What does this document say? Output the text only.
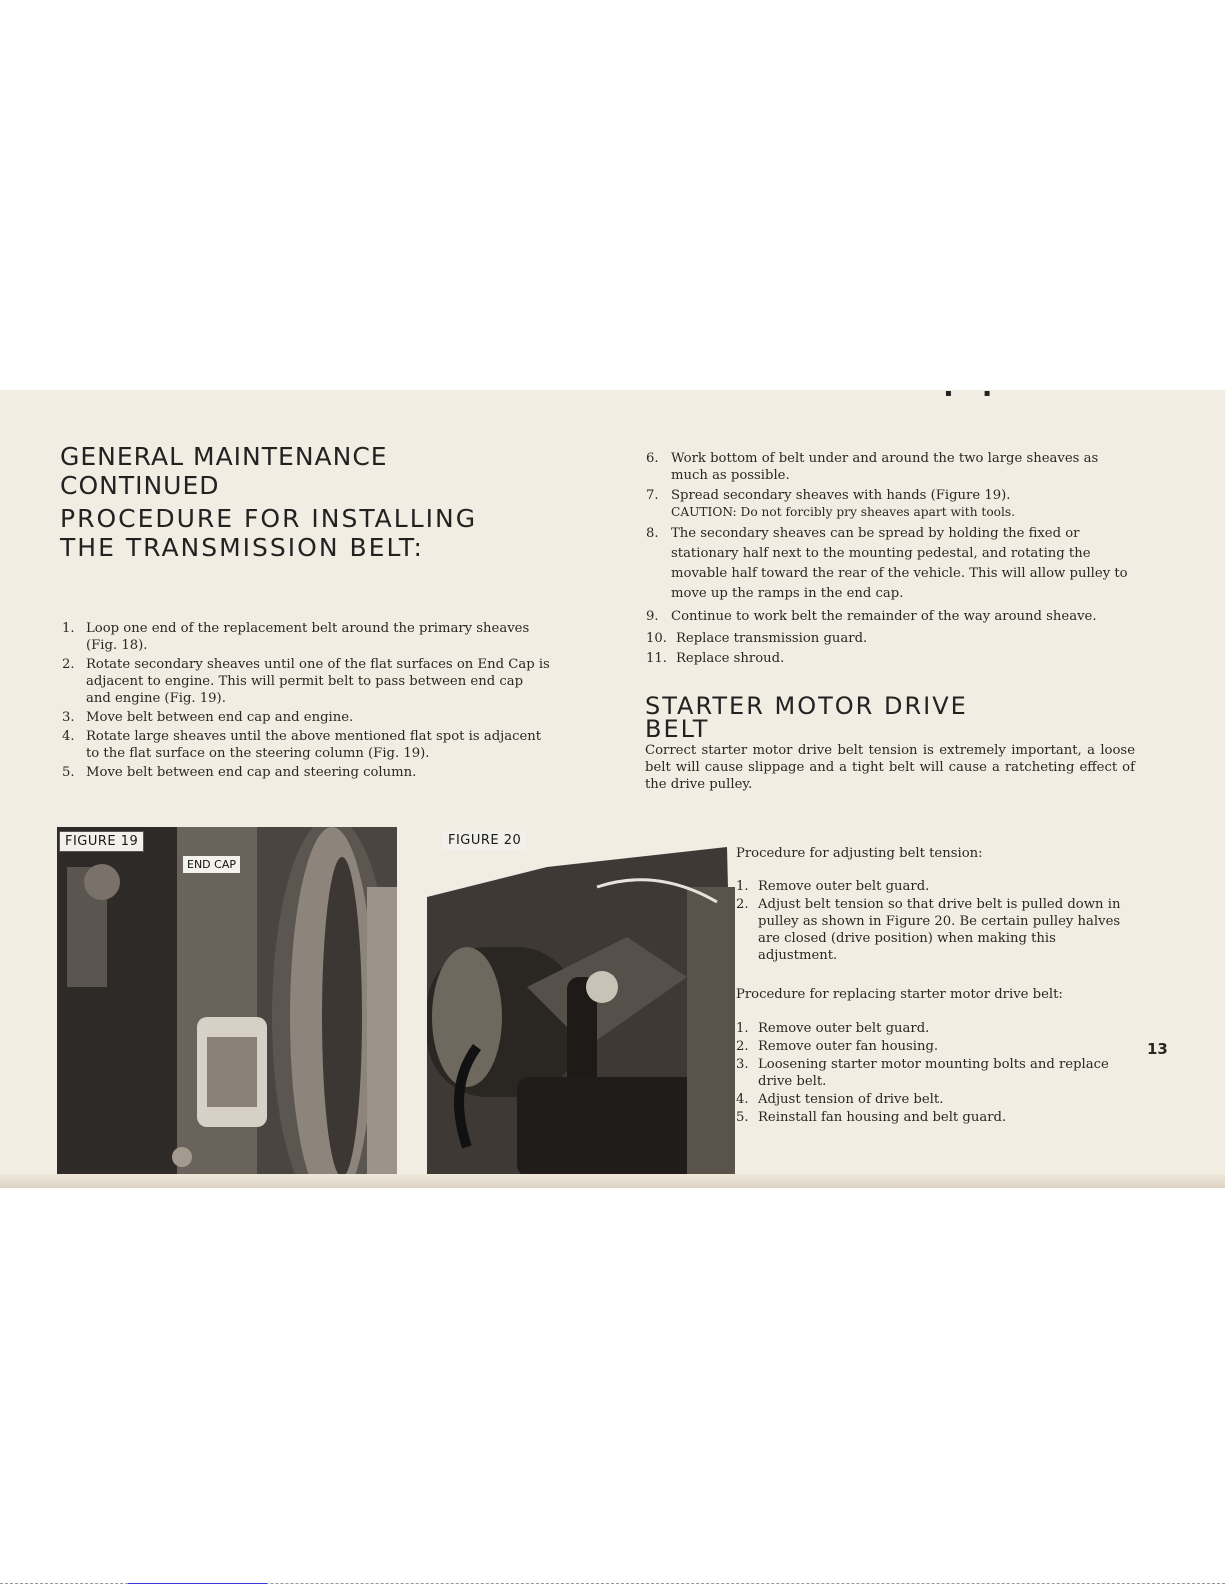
▪          ▪
GENERAL MAINTENANCE CONTINUED
PROCEDURE FOR INSTALLING THE TRANSMISSION BELT:
1. Loop one end of the replacement belt around the primary sheaves (Fig. 18).
2. Rotate secondary sheaves until one of the flat surfaces on End Cap is adjacent to engine. This will permit belt to pass between end cap and engine (Fig. 19).
3. Move belt between end cap and engine.
4. Rotate large sheaves until the above mentioned flat spot is adjacent to the flat surface on the steering column (Fig. 19).
5. Move belt between end cap and steering column.
6. Work bottom of belt under and around the two large sheaves as much as possible.
7. Spread secondary sheaves with hands (Figure 19).
CAUTION: Do not forcibly pry sheaves apart with tools.
8. The secondary sheaves can be spread by holding the fixed or stationary half next to the mounting pedestal, and rotating the movable half toward the rear of the vehicle. This will allow pulley to move up the ramps in the end cap.
9. Continue to work belt the remainder of the way around sheave.
10. Replace transmission guard.
11. Replace shroud.
STARTER MOTOR DRIVE BELT

Correct starter motor drive belt tension is extremely important, a loose belt will cause slippage and a tight belt will cause a ratcheting effect of the drive pulley.

Procedure for adjusting belt tension:

1. Remove outer belt guard.
2. Adjust belt tension so that drive belt is pulled down in pulley as shown in Figure 20. Be certain pulley halves are closed (drive position) when making this adjustment.

Procedure for replacing starter motor drive belt:

1. Remove outer belt guard.
2. Remove outer fan housing.
3. Loosening starter motor mounting bolts and replace drive belt.
4. Adjust tension of drive belt.
5. Reinstall fan housing and belt guard.

13

FIGURE 19

END CAP

FIGURE 20
